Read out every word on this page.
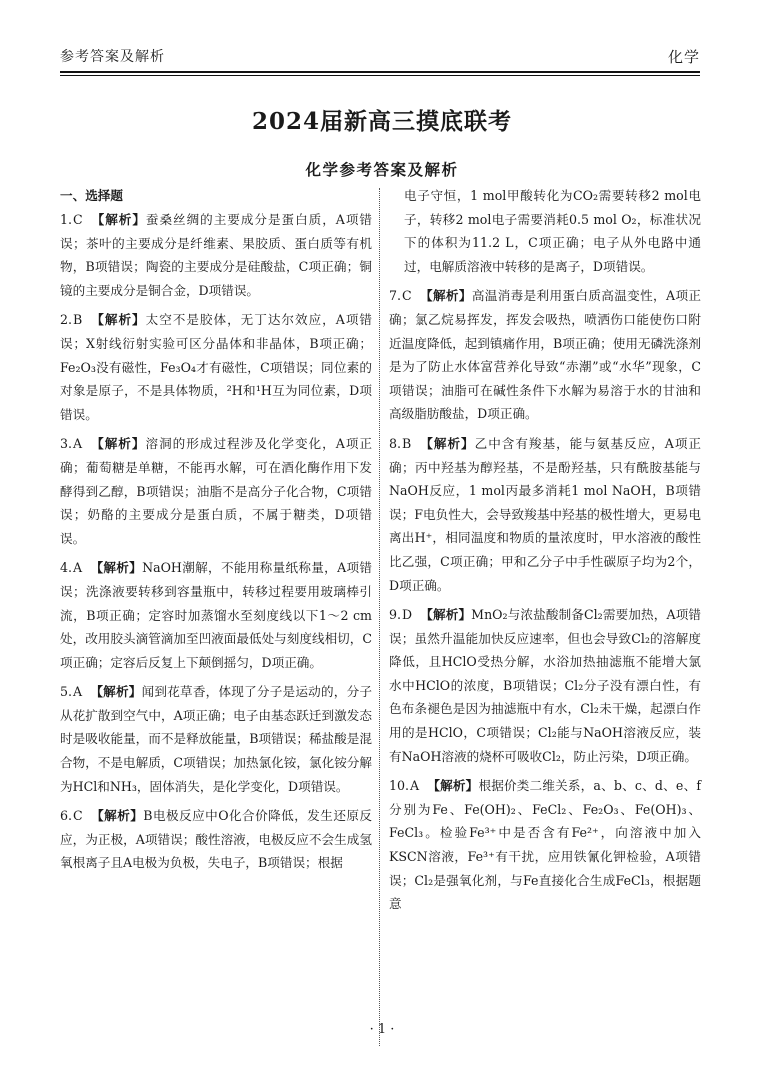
参考答案及解析	化学
2024届新高三摸底联考
化学参考答案及解析
一、选择题

1.C 【解析】蚕桑丝绸的主要成分是蛋白质，A项错误；茶叶的主要成分是纤维素、果胶质、蛋白质等有机物，B项错误；陶瓷的主要成分是硅酸盐，C项正确；铜镜的主要成分是铜合金，D项错误。

2.B 【解析】太空不是胶体，无丁达尔效应，A项错误；X射线衍射实验可区分晶体和非晶体，B项正确；Fe₂O₃没有磁性，Fe₃O₄才有磁性，C项错误；同位素的对象是原子，不是具体物质，²H和¹H互为同位素，D项错误。

3.A 【解析】溶洞的形成过程涉及化学变化，A项正确；葡萄糖是单糖，不能再水解，可在酒化酶作用下发酵得到乙醇，B项错误；油脂不是高分子化合物，C项错误；奶酪的主要成分是蛋白质，不属于糖类，D项错误。

4.A 【解析】NaOH潮解，不能用称量纸称量，A项错误；洗涤液要转移到容量瓶中，转移过程要用玻璃棒引流，B项正确；定容时加蒸馏水至刻度线以下1～2 cm处，改用胶头滴管滴加至凹液面最低处与刻度线相切，C项正确；定容后反复上下颠倒摇匀，D项正确。

5.A 【解析】闻到花草香，体现了分子是运动的，分子从花扩散到空气中，A项正确；电子由基态跃迁到激发态时是吸收能量，而不是释放能量，B项错误；稀盐酸是混合物，不是电解质，C项错误；加热氯化铵，氯化铵分解为HCl和NH₃，固体消失，是化学变化，D项错误。

6.C 【解析】B电极反应中O化合价降低，发生还原反应，为正极，A项错误；酸性溶液，电极反应不会生成氢氧根离子且A电极为负极，失电子，B项错误；根据

电子守恒，1 mol甲酸转化为CO₂需要转移2 mol电子，转移2 mol电子需要消耗0.5 mol O₂，标准状况下的体积为11.2 L，C项正确；电子从外电路中通过，电解质溶液中转移的是离子，D项错误。

7.C 【解析】高温消毒是利用蛋白质高温变性，A项正确；氯乙烷易挥发，挥发会吸热，喷洒伤口能使伤口附近温度降低，起到镇痛作用，B项正确；使用无磷洗涤剂是为了防止水体富营养化导致“赤潮”或“水华”现象，C项错误；油脂可在碱性条件下水解为易溶于水的甘油和高级脂肪酸盐，D项正确。

8.B 【解析】乙中含有羧基，能与氨基反应，A项正确；丙中羟基为醇羟基，不是酚羟基，只有酰胺基能与NaOH反应，1 mol丙最多消耗1 mol NaOH，B项错误；F电负性大，会导致羧基中羟基的极性增大，更易电离出H⁺，相同温度和物质的量浓度时，甲水溶液的酸性比乙强，C项正确；甲和乙分子中手性碳原子均为2个，D项正确。

9.D 【解析】MnO₂与浓盐酸制备Cl₂需要加热，A项错误；虽然升温能加快反应速率，但也会导致Cl₂的溶解度降低，且HClO受热分解，水浴加热抽滤瓶不能增大氯水中HClO的浓度，B项错误；Cl₂分子没有漂白性，有色布条褪色是因为抽滤瓶中有水，Cl₂未干燥，起漂白作用的是HClO，C项错误；Cl₂能与NaOH溶液反应，装有NaOH溶液的烧杯可吸收Cl₂，防止污染，D项正确。

10.A 【解析】根据价类二维关系，a、b、c、d、e、f分别为Fe、Fe(OH)₂、FeCl₂、Fe₂O₃、Fe(OH)₃、FeCl₃。检验Fe³⁺中是否含有Fe²⁺，向溶液中加入KSCN溶液，Fe³⁺有干扰，应用铁氰化钾检验，A项错误；Cl₂是强氧化剂，与Fe直接化合生成FeCl₃，根据题意

· 1 ·
